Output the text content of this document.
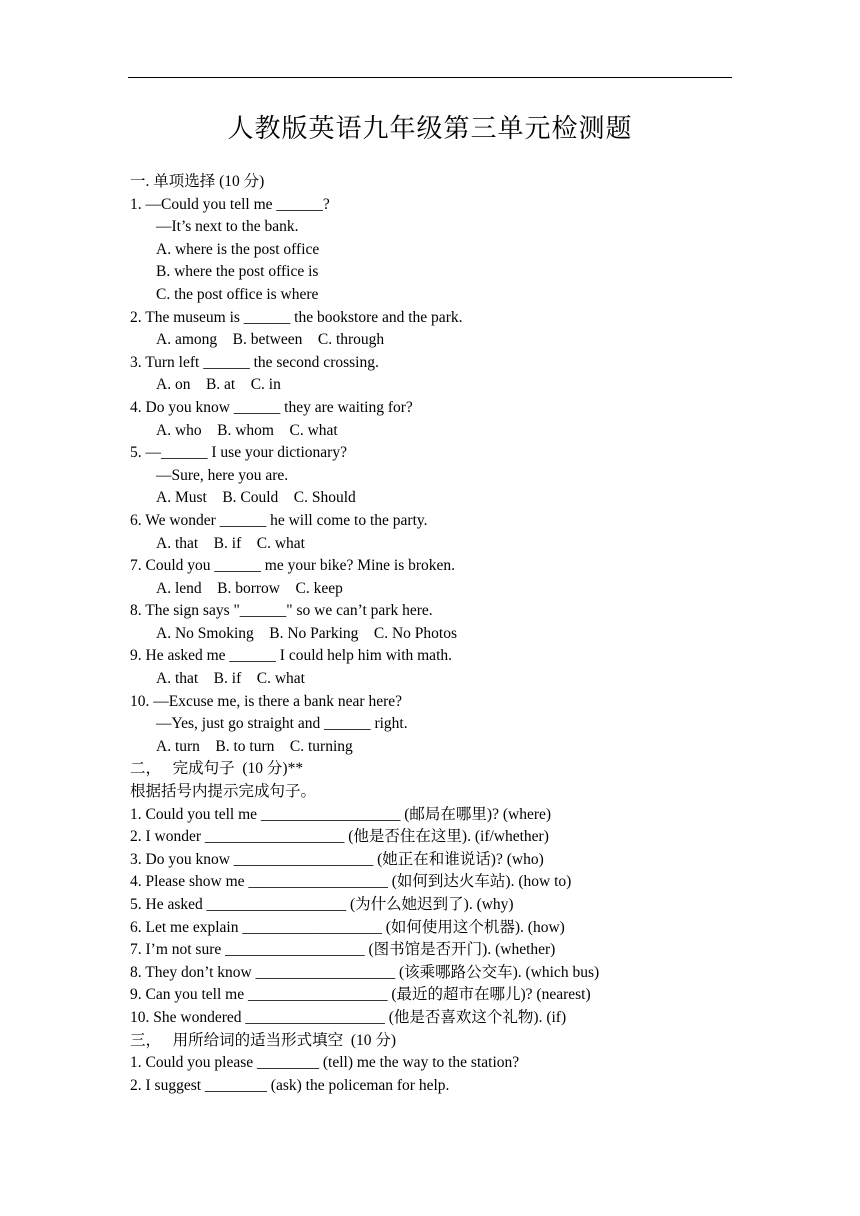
人教版英语九年级第三单元检测题
一. 单项选择 (10 分)
1. —Could you tell me ______?
—It’s next to the bank.
A. where is the post office
B. where the post office is
C. the post office is where
2. The museum is ______ the bookstore and the park.
A. among    B. between    C. through
3. Turn left ______ the second crossing.
A. on    B. at    C. in
4. Do you know ______ they are waiting for?
A. who    B. whom    C. what
5. —______ I use your dictionary?
—Sure, here you are.
A. Must    B. Could    C. Should
6. We wonder ______ he will come to the party.
A. that    B. if    C. what
7. Could you ______ me your bike? Mine is broken.
A. lend    B. borrow    C. keep
8. The sign says "______" so we can’t park here.
A. No Smoking    B. No Parking    C. No Photos
9. He asked me ______ I could help him with math.
A. that    B. if    C. what
10. —Excuse me, is there a bank near here?
—Yes, just go straight and ______ right.
A. turn    B. to turn    C. turning
二，   完成句子  (10 分)**
根据括号内提示完成句子。
1. Could you tell me __________________ (邮局在哪里)? (where)
2. I wonder __________________ (他是否住在这里). (if/whether)
3. Do you know __________________ (她正在和谁说话)? (who)
4. Please show me __________________ (如何到达火车站). (how to)
5. He asked __________________ (为什么她迟到了). (why)
6. Let me explain __________________ (如何使用这个机器). (how)
7. I’m not sure __________________ (图书馆是否开门). (whether)
8. They don’t know __________________ (该乘哪路公交车). (which bus)
9. Can you tell me __________________ (最近的超市在哪儿)? (nearest)
10. She wondered __________________ (他是否喜欢这个礼物). (if)
三，   用所给词的适当形式填空  (10 分)
1. Could you please ________ (tell) me the way to the station?
2. I suggest ________ (ask) the policeman for help.
